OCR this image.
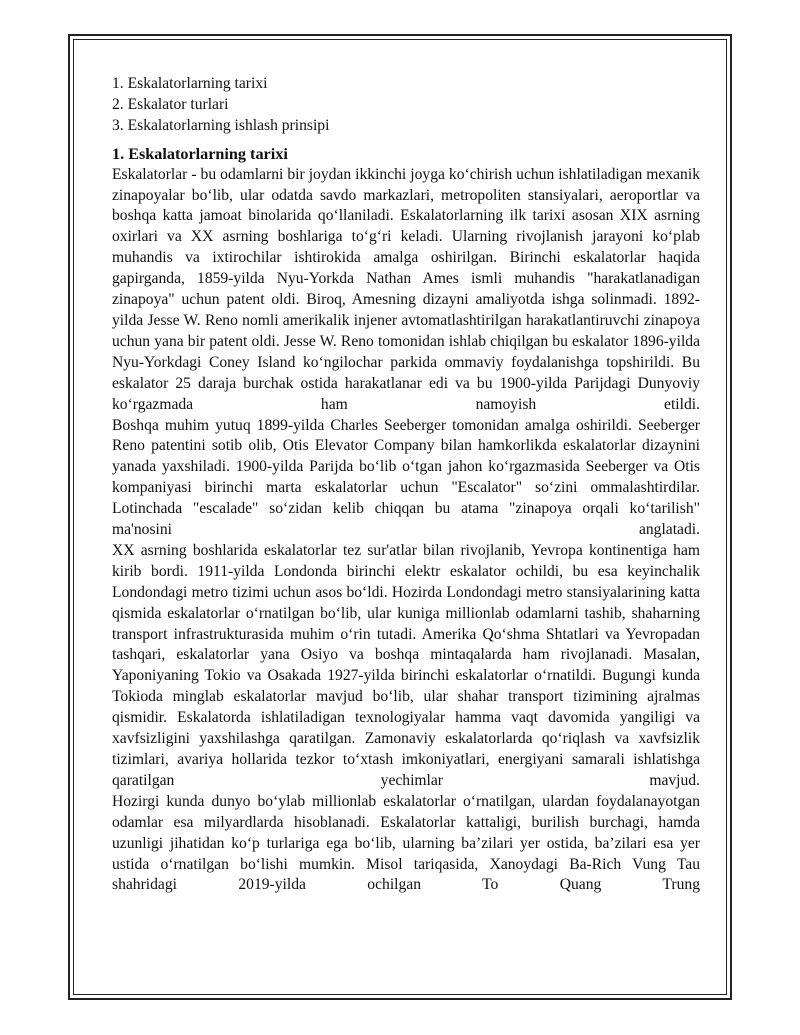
1. Eskalatorlarning tarixi
2. Eskalator turlari
3. Eskalatorlarning ishlash prinsipi
1. Eskalatorlarning tarixi

Eskalatorlar - bu odamlarni bir joydan ikkinchi joyga ko‘chirish uchun ishlatiladigan mexanik zinapoyalar bo‘lib, ular odatda savdo markazlari, metropoliten stansiyalari, aeroportlar va boshqa katta jamoat binolarida qo‘llaniladi. Eskalatorlarning ilk tarixi asosan XIX asrning oxirlari va XX asrning boshlariga to‘g‘ri keladi. Ularning rivojlanish jarayoni ko‘plab muhandis va ixtirochilar ishtirokida amalga oshirilgan. Birinchi eskalatorlar haqida gapirganda, 1859-yilda Nyu-Yorkda Nathan Ames ismli muhandis "harakatlanadigan zinapoya" uchun patent oldi. Biroq, Amesning dizayni amaliyotda ishga solinmadi. 1892-yilda Jesse W. Reno nomli amerikalik injener avtomatlashtirilgan harakatlantiruvchi zinapoya uchun yana bir patent oldi. Jesse W. Reno tomonidan ishlab chiqilgan bu eskalator 1896-yilda Nyu-Yorkdagi Coney Island ko‘ngilochar parkida ommaviy foydalanishga topshirildi. Bu eskalator 25 daraja burchak ostida harakatlanar edi va bu 1900-yilda Parijdagi Dunyoviy ko‘rgazmada ham namoyish etildi.

Boshqa muhim yutuq 1899-yilda Charles Seeberger tomonidan amalga oshirildi. Seeberger Reno patentini sotib olib, Otis Elevator Company bilan hamkorlikda eskalatorlar dizaynini yanada yaxshiladi. 1900-yilda Parijda bo‘lib o‘tgan jahon ko‘rgazmasida Seeberger va Otis kompaniyasi birinchi marta eskalatorlar uchun "Escalator" so‘zini ommalashtirdilar. Lotinchada "escalade" so‘zidan kelib chiqqan bu atama "zinapoya orqali ko‘tarilish" ma'nosini anglatadi.

XX asrning boshlarida eskalatorlar tez sur'atlar bilan rivojlanib, Yevropa kontinentiga ham kirib bordi. 1911-yilda Londonda birinchi elektr eskalator ochildi, bu esa keyinchalik Londondagi metro tizimi uchun asos bo‘ldi. Hozirda Londondagi metro stansiyalarining katta qismida eskalatorlar o‘rnatilgan bo‘lib, ular kuniga millionlab odamlarni tashib, shaharning transport infrastrukturasida muhim o‘rin tutadi. Amerika Qo‘shma Shtatlari va Yevropadan tashqari, eskalatorlar yana Osiyo va boshqa mintaqalarda ham rivojlanadi. Masalan, Yaponiyaning Tokio va Osakada 1927-yilda birinchi eskalatorlar o‘rnatildi. Bugungi kunda Tokioda minglab eskalatorlar mavjud bo‘lib, ular shahar transport tizimining ajralmas qismidir. Eskalatorda ishlatiladigan texnologiyalar hamma vaqt davomida yangiligi va xavfsizligini yaxshilashga qaratilgan. Zamonaviy eskalatorlarda qo‘riqlash va xavfsizlik tizimlari, avariya hollarida tezkor to‘xtash imkoniyatlari, energiyani samarali ishlatishga qaratilgan yechimlar mavjud.

Hozirgi kunda dunyo bo‘ylab millionlab eskalatorlar o‘rnatilgan, ulardan foydalanayotgan odamlar esa milyardlarda hisoblanadi. Eskalatorlar kattaligi, burilish burchagi, hamda uzunligi jihatidan ko‘p turlariga ega bo‘lib, ularning ba’zilari yer ostida, ba’zilari esa yer ustida o‘rnatilgan bo‘lishi mumkin. Misol tariqasida, Xanoydagi Ba-Rich Vung Tau shahridagi 2019-yilda ochilgan To Quang Trung
